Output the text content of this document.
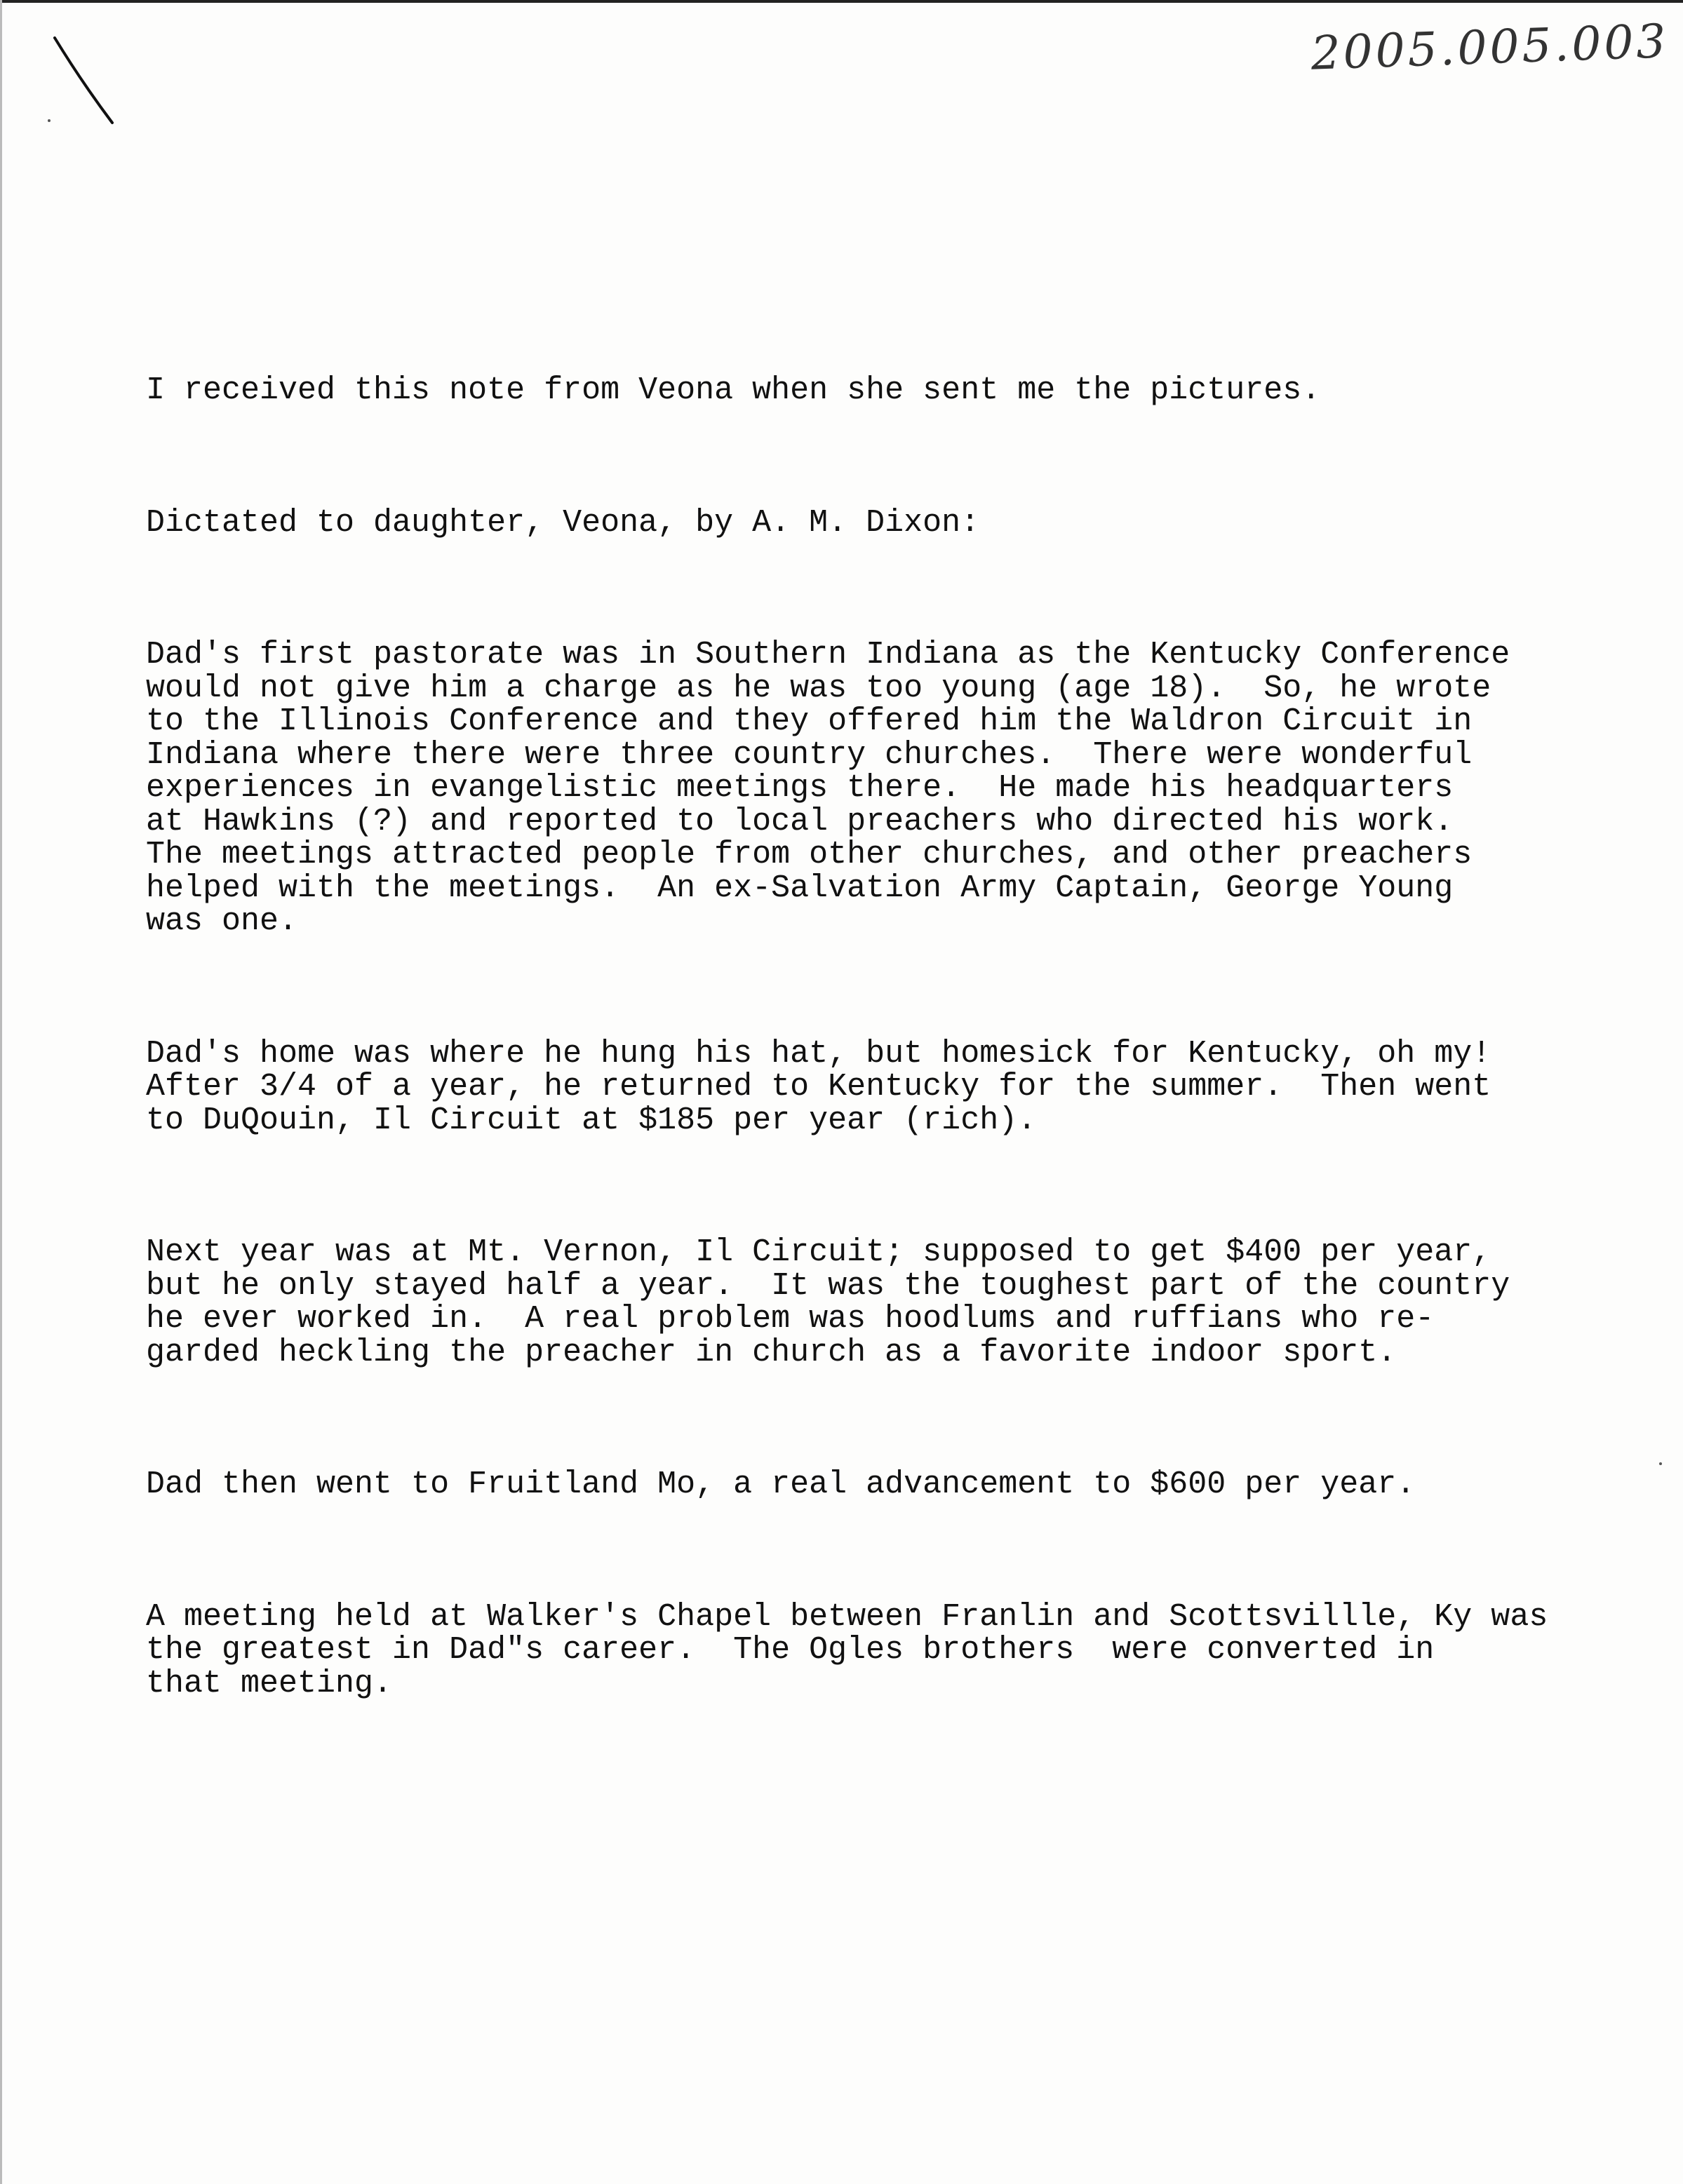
2005.005.003

I received this note from Veona when she sent me the pictures.

Dictated to daughter, Veona, by A. M. Dixon:

Dad's first pastorate was in Southern Indiana as the Kentucky Conference
would not give him a charge as he was too young (age 18).  So, he wrote
to the Illinois Conference and they offered him the Waldron Circuit in
Indiana where there were three country churches.  There were wonderful
experiences in evangelistic meetings there.  He made his headquarters
at Hawkins (?) and reported to local preachers who directed his work.
The meetings attracted people from other churches, and other preachers
helped with the meetings.  An ex-Salvation Army Captain, George Young
was one.

Dad's home was where he hung his hat, but homesick for Kentucky, oh my!
After 3/4 of a year, he returned to Kentucky for the summer.  Then went
to DuQouin, Il Circuit at $185 per year (rich).

Next year was at Mt. Vernon, Il Circuit; supposed to get $400 per year,
but he only stayed half a year.  It was the toughest part of the country
he ever worked in.  A real problem was hoodlums and ruffians who re-
garded heckling the preacher in church as a favorite indoor sport.

Dad then went to Fruitland Mo, a real advancement to $600 per year.

A meeting held at Walker's Chapel between Franlin and Scottsvillle, Ky was
the greatest in Dad"s career.  The Ogles brothers  were converted in
that meeting.
